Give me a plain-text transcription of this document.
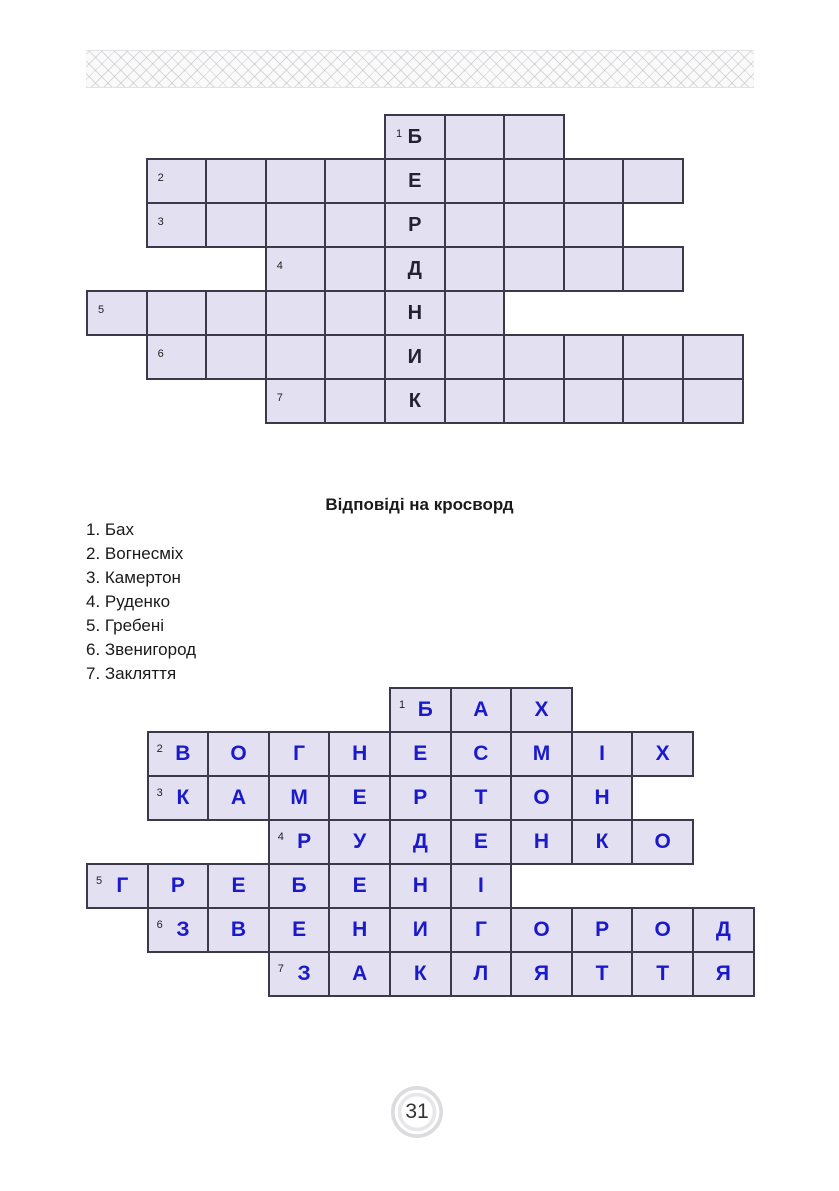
1 Б
2	Е
3	Р
4	Д
5	Н
6	И
7	К
Відповіді на кросворд
1. Бах
2. Вогнесміх
3. Камертон
4. Руденко
5. Гребені
6. Звенигород
7. Закляття
1 Б	А	Х
2 В	О	Г	Н	Е	С	М	І	Х
3 К	А	М	Е	Р	Т	О	Н
4 Р	У	Д	Е	Н	К	О
5 Г	Р	Е	Б	Е	Н	І
6 З	В	Е	Н	И	Г	О	Р	О	Д
7 З	А	К	Л	Я	Т	Т	Я
31
